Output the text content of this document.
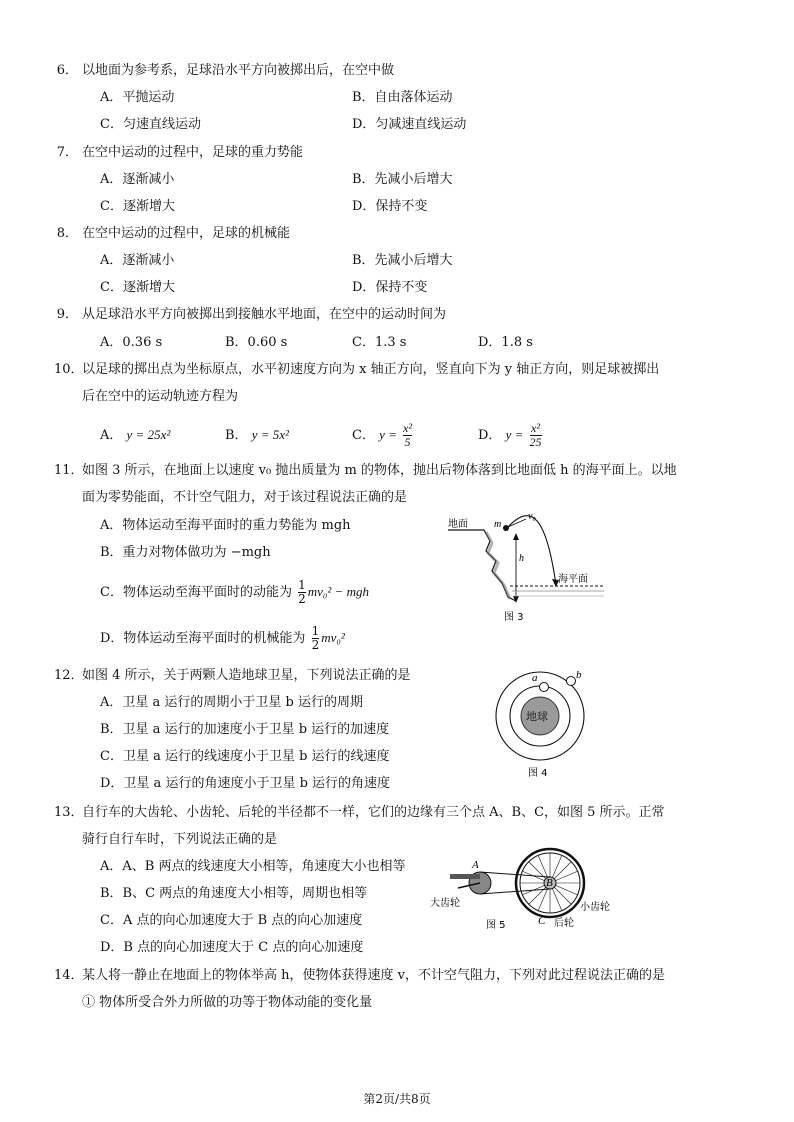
6． 以地面为参考系，足球沿水平方向被掷出后，在空中做
A．平抛运动	B．自由落体运动
C．匀速直线运动	D．匀减速直线运动
7． 在空中运动的过程中，足球的重力势能
A．逐渐减小	B．先减小后增大
C．逐渐增大	D．保持不变
8． 在空中运动的过程中，足球的机械能
A．逐渐减小	B．先减小后增大
C．逐渐增大	D．保持不变
9． 从足球沿水平方向被掷出到接触水平地面，在空中的运动时间为
A．0.36 s	B．0.60 s	C．1.3 s	D．1.8 s
10．以足球的掷出点为坐标原点，水平初速度方向为 x 轴正方向，竖直向下为 y 轴正方向，则足球被掷出
后在空中的运动轨迹方程为
A． y = 25x²	B． y = 5x²	C． $y = \frac{\text{x²}}{5}$	D． $y = \frac{\text{x²}}{25}$
11．如图 3 所示，在地面上以速度 v₀ 抛出质量为 m 的物体，抛出后物体落到比地面低 h 的海平面上。以地
面为零势能面，不计空气阻力，对于该过程说法正确的是
A．物体运动至海平面时的重力势能为 mgh
B．重力对物体做功为 −mgh
C．物体运动至海平面时的动能为 $\frac{1}{2} mv_0^2$ − mgh
D．物体运动至海平面时的机械能为 $\frac{1}{2} mv_0^2$
地面	m
v₀
h
海平面
图 3
12．如图 4 所示，关于两颗人造地球卫星，下列说法正确的是
A．卫星 a 运行的周期小于卫星 b 运行的周期
B．卫星 a 运行的加速度小于卫星 b 运行的加速度
C．卫星 a 运行的线速度小于卫星 b 运行的线速度
D．卫星 a 运行的角速度小于卫星 b 运行的角速度
地球
a	b
图 4
13．自行车的大齿轮、小齿轮、后轮的半径都不一样，它们的边缘有三个点 A、B、C，如图 5 所示。正常
骑行自行车时，下列说法正确的是
A．A、B 两点的线速度大小相等，角速度大小也相等
B．B、C 两点的角速度大小相等，周期也相等
C．A 点的向心加速度大于 B 点的向心加速度
D．B 点的向心加速度大于 C 点的向心加速度
A
B
C
大齿轮	小齿轮
后轮
图 5
14．某人将一静止在地面上的物体举高 h，使物体获得速度 v，不计空气阻力，下列对此过程说法正确的是
① 物体所受合外力所做的功等于物体动能的变化量
第2页/共8页
